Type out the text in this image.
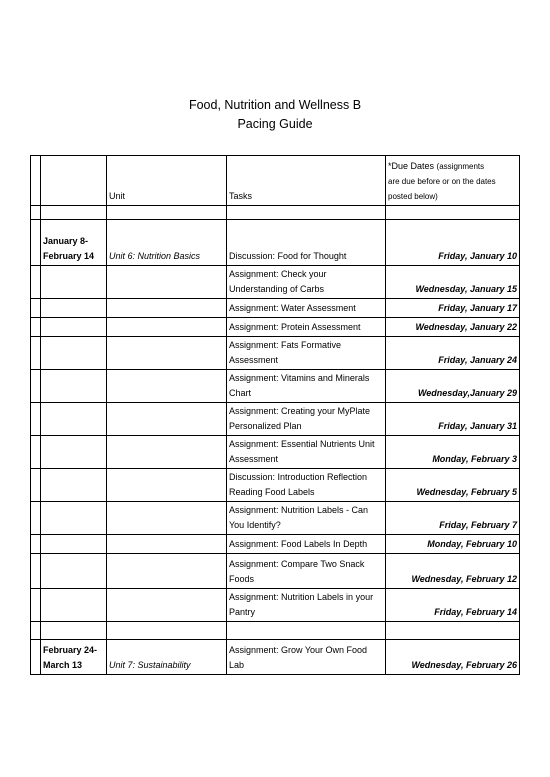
Food, Nutrition and Wellness B
Pacing Guide
		Unit	Tasks	*Due Dates (assignments
are due before or on the dates
posted below)

	January 8-February 14	Unit 6: Nutrition Basics	Discussion: Food for Thought	Friday, January 10
			Assignment: Check your Understanding of Carbs	Wednesday, January 15
			Assignment: Water Assessment	Friday, January 17
			Assignment: Protein Assessment	Wednesday, January 22
			Assignment: Fats Formative Assessment	Friday, January 24
			Assignment: Vitamins and Minerals Chart	Wednesday,January 29
			Assignment: Creating your MyPlate Personalized Plan	Friday, January 31
			Assignment: Essential Nutrients Unit Assessment	Monday, February 3
			Discussion: Introduction Reflection Reading Food Labels	Wednesday, February 5
			Assignment: Nutrition Labels - Can You Identify?	Friday, February 7
			Assignment: Food Labels In Depth	Monday, February 10
			Assignment: Compare Two Snack Foods	Wednesday, February 12
			Assignment: Nutrition Labels in your Pantry	Friday, February 14

	February 24-March 13	Unit 7: Sustainability	Assignment: Grow Your Own Food Lab	Wednesday, February 26
